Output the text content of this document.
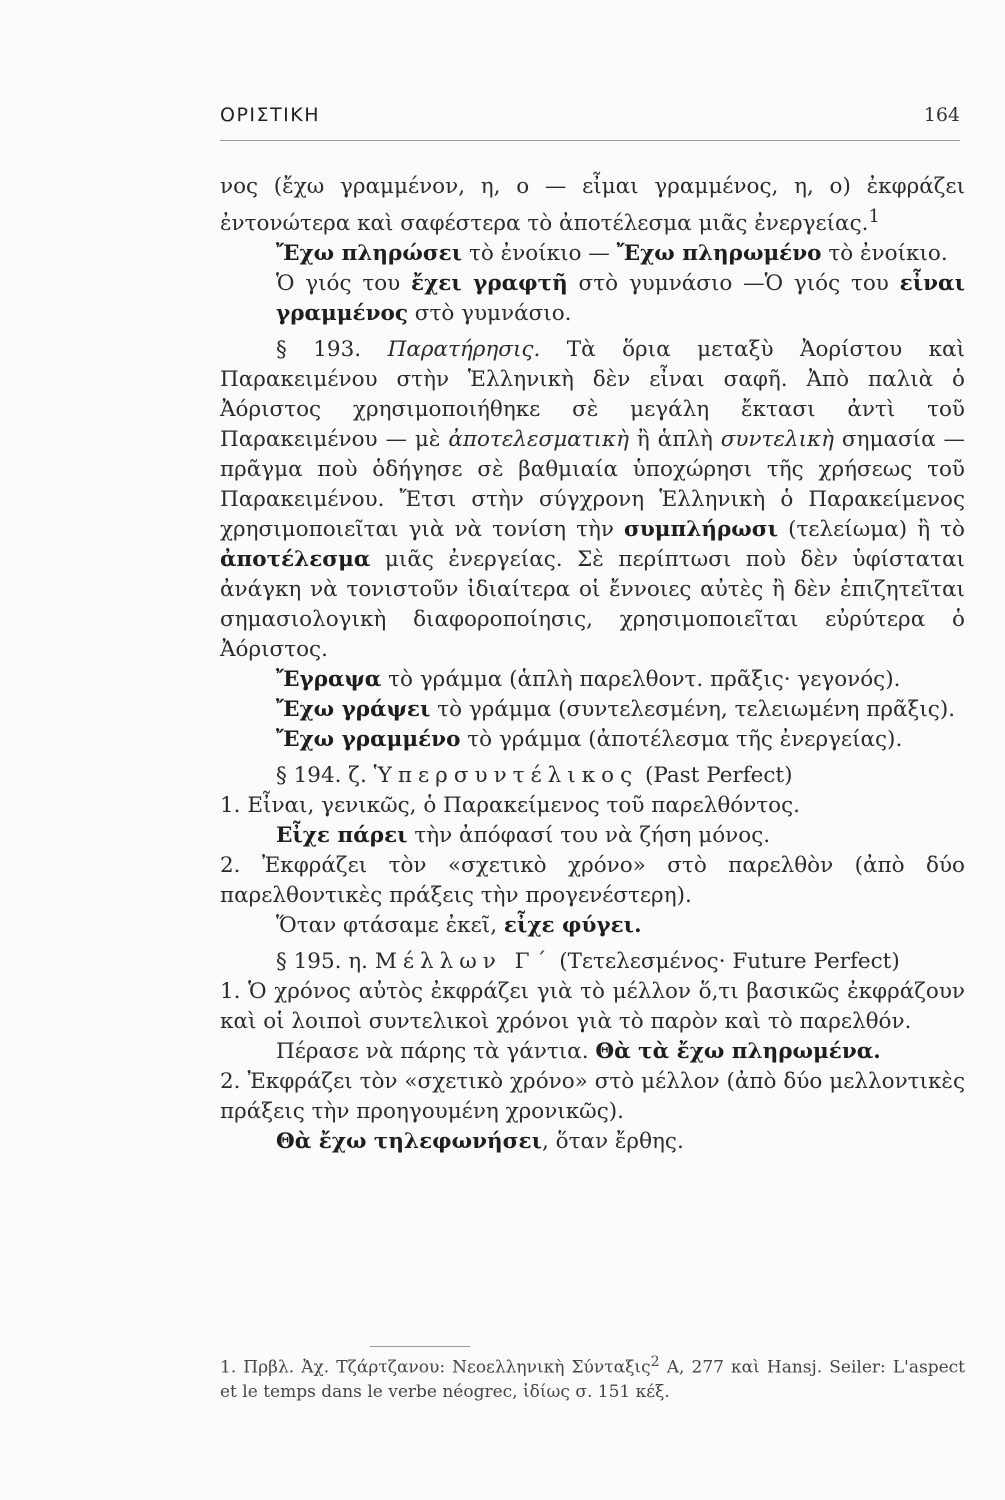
ΟΡΙΣΤΙΚΗ	164

νος (ἔχω γραμμένον, η, ο — εἶμαι γραμμένος, η, ο) ἐκφράζει ἐντονώτερα καὶ σαφέστερα τὸ ἀποτέλεσμα μιᾶς ἐνεργείας.$^1$

Ἔχω πληρώσει τὸ ἐνοίκιο — Ἔχω πληρωμένο τὸ ἐνοίκιο.

Ὁ γιός του ἔχει γραφτῆ στὸ γυμνάσιο —Ὁ γιός του εἶναι γραμμένος στὸ γυμνάσιο.

§ 193. Παρατήρησις. Τὰ ὅρια μεταξὺ Ἀορίστου καὶ Παρακειμένου στὴν Ἑλληνικὴ δὲν εἶναι σαφῆ. Ἀπὸ παλιὰ ὁ Ἀόριστος χρησιμοποιήθηκε σὲ μεγάλη ἔκτασι ἀντὶ τοῦ Παρακειμένου — μὲ ἀποτελεσματικὴ ἢ ἁπλὴ συντελικὴ σημασία — πρᾶγμα ποὺ ὁδήγησε σὲ βαθμιαία ὑποχώρησι τῆς χρήσεως τοῦ Παρακειμένου. Ἔτσι στὴν σύγχρονη Ἑλληνικὴ ὁ Παρακείμενος χρησιμοποιεῖται γιὰ νὰ τονίση τὴν συμπλήρωσι (τελείωμα) ἢ τὸ ἀποτέλεσμα μιᾶς ἐνεργείας. Σὲ περίπτωσι ποὺ δὲν ὑφίσταται ἀνάγκη νὰ τονιστοῦν ἰδιαίτερα οἱ ἔννοιες αὐτὲς ἢ δὲν ἐπιζητεῖται σημασιολογικὴ διαφοροποίησις, χρησιμοποιεῖται εὐρύτερα ὁ Ἀόριστος.

Ἔγραψα τὸ γράμμα (ἁπλὴ παρελθοντ. πρᾶξις· γεγονός).

Ἔχω γράψει τὸ γράμμα (συντελεσμένη, τελειωμένη πρᾶξις).

Ἔχω γραμμένο τὸ γράμμα (ἀποτέλεσμα τῆς ἐνεργείας).

§ 194. ζ. Ὑπερσυντέλικος (Past Perfect)

1. Εἶναι, γενικῶς, ὁ Παρακείμενος τοῦ παρελθόντος.

Εἶχε πάρει τὴν ἀπόφασί του νὰ ζήση μόνος.

2. Ἐκφράζει τὸν «σχετικὸ χρόνο» στὸ παρελθὸν (ἀπὸ δύο παρελθοντικὲς πράξεις τὴν προγενέστερη).

Ὅταν φτάσαμε ἐκεῖ, εἶχε φύγει.

§ 195. η. Μέλλων Γ΄ (Τετελεσμένος· Future Perfect)

1. Ὁ χρόνος αὐτὸς ἐκφράζει γιὰ τὸ μέλλον ὅ,τι βασικῶς ἐκφράζουν καὶ οἱ λοιποὶ συντελικοὶ χρόνοι γιὰ τὸ παρὸν καὶ τὸ παρελθόν.

Πέρασε νὰ πάρης τὰ γάντια. Θὰ τὰ ἔχω πληρωμένα.

2. Ἐκφράζει τὸν «σχετικὸ χρόνο» στὸ μέλλον (ἀπὸ δύο μελλοντικὲς πράξεις τὴν προηγουμένη χρονικῶς).

Θὰ ἔχω τηλεφωνήσει, ὅταν ἔρθης.

1. Πρβλ. Ἀχ. Τζάρτζανου: Νεοελληνικὴ Σύνταξις$^2$ A, 277 καὶ Hansj. Seiler: L'aspect et le temps dans le verbe néogrec, ἰδίως σ. 151 κέξ.
